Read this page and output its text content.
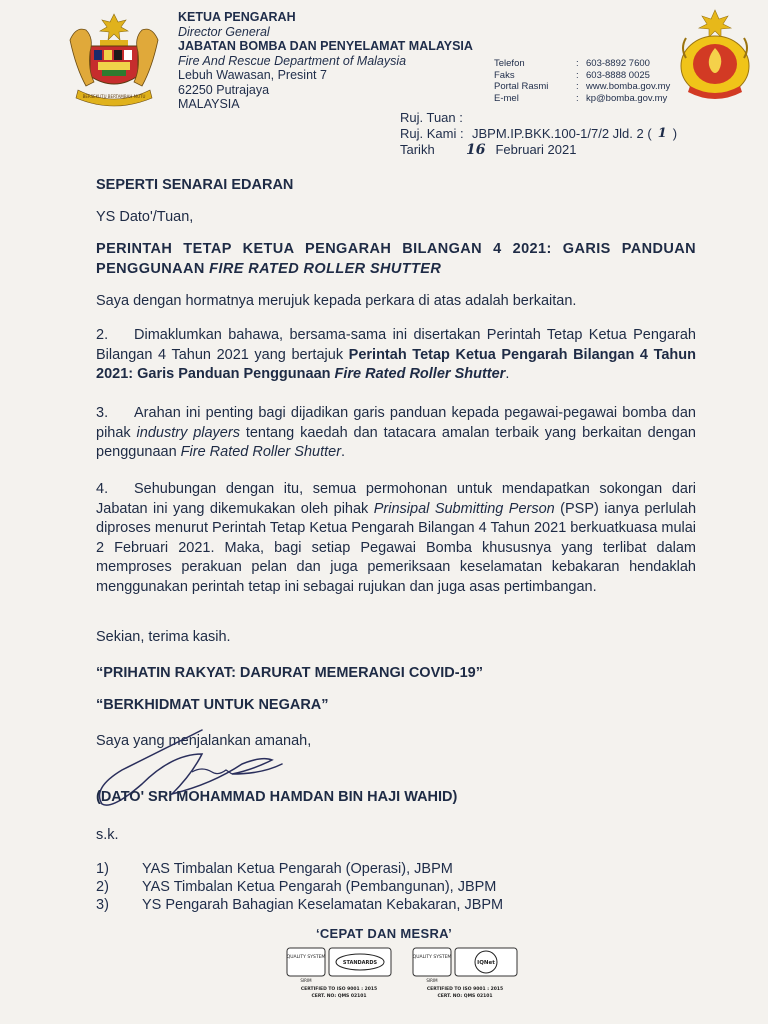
BERSEKUTU BERTAMBAH MUTU
KETUA PENGARAH
Director General
JABATAN BOMBA DAN PENYELAMAT MALAYSIA
Fire And Rescue Department of Malaysia
Lebuh Wawasan, Presint 7
62250 Putrajaya
MALAYSIA
Telefon	: 603-8892 7600
Faks	: 603-8888 0025
Portal Rasmi	: www.bomba.gov.my
E-mel	: kp@bomba.gov.my
Ruj. Tuan :
Ruj. Kami : JBPM.IP.BKK.100-1/7/2 Jld. 2 ( 1 )
Tarikh	16 Februari 2021
SEPERTI SENARAI EDARAN
YS Dato'/Tuan,
PERINTAH TETAP KETUA PENGARAH BILANGAN 4 2021: GARIS PANDUAN
PENGGUNAAN FIRE RATED ROLLER SHUTTER
Saya dengan hormatnya merujuk kepada perkara di atas adalah berkaitan.
2. Dimaklumkan bahawa, bersama-sama ini disertakan Perintah Tetap Ketua Pengarah Bilangan 4 Tahun 2021 yang bertajuk Perintah Tetap Ketua Pengarah Bilangan 4 Tahun 2021: Garis Panduan Penggunaan Fire Rated Roller Shutter.
3. Arahan ini penting bagi dijadikan garis panduan kepada pegawai-pegawai bomba dan pihak industry players tentang kaedah dan tatacara amalan terbaik yang berkaitan dengan penggunaan Fire Rated Roller Shutter.
4. Sehubungan dengan itu, semua permohonan untuk mendapatkan sokongan dari Jabatan ini yang dikemukakan oleh pihak Prinsipal Submitting Person (PSP) ianya perlulah diproses menurut Perintah Tetap Ketua Pengarah Bilangan 4 Tahun 2021 berkuatkuasa mulai 2 Februari 2021. Maka, bagi setiap Pegawai Bomba khususnya yang terlibat dalam memproses perakuan pelan dan juga pemeriksaan keselamatan kebakaran hendaklah menggunakan perintah tetap ini sebagai rujukan dan juga asas pertimbangan.
Sekian, terima kasih.
“PRIHATIN RAKYAT: DARURAT MEMERANGI COVID-19”
“BERKHIDMAT UNTUK NEGARA”
Saya yang menjalankan amanah,
(DATO' SRI MOHAMMAD HAMDAN BIN HAJI WAHID)
s.k.
1)	YAS Timbalan Ketua Pengarah (Operasi), JBPM
2)	YAS Timbalan Ketua Pengarah (Pembangunan), JBPM
3)	YS Pengarah Bahagian Keselamatan Kebakaran, JBPM
‘CEPAT DAN MESRA’
QUALITY SYSTEM
SIRIM
STANDARDS
CERTIFIED TO ISO 9001 : 2015
CERT. NO: QMS 02101
QUALITY SYSTEM
SIRIM
IQNet
CERTIFIED TO ISO 9001 : 2015
CERT. NO: QMS 02101
